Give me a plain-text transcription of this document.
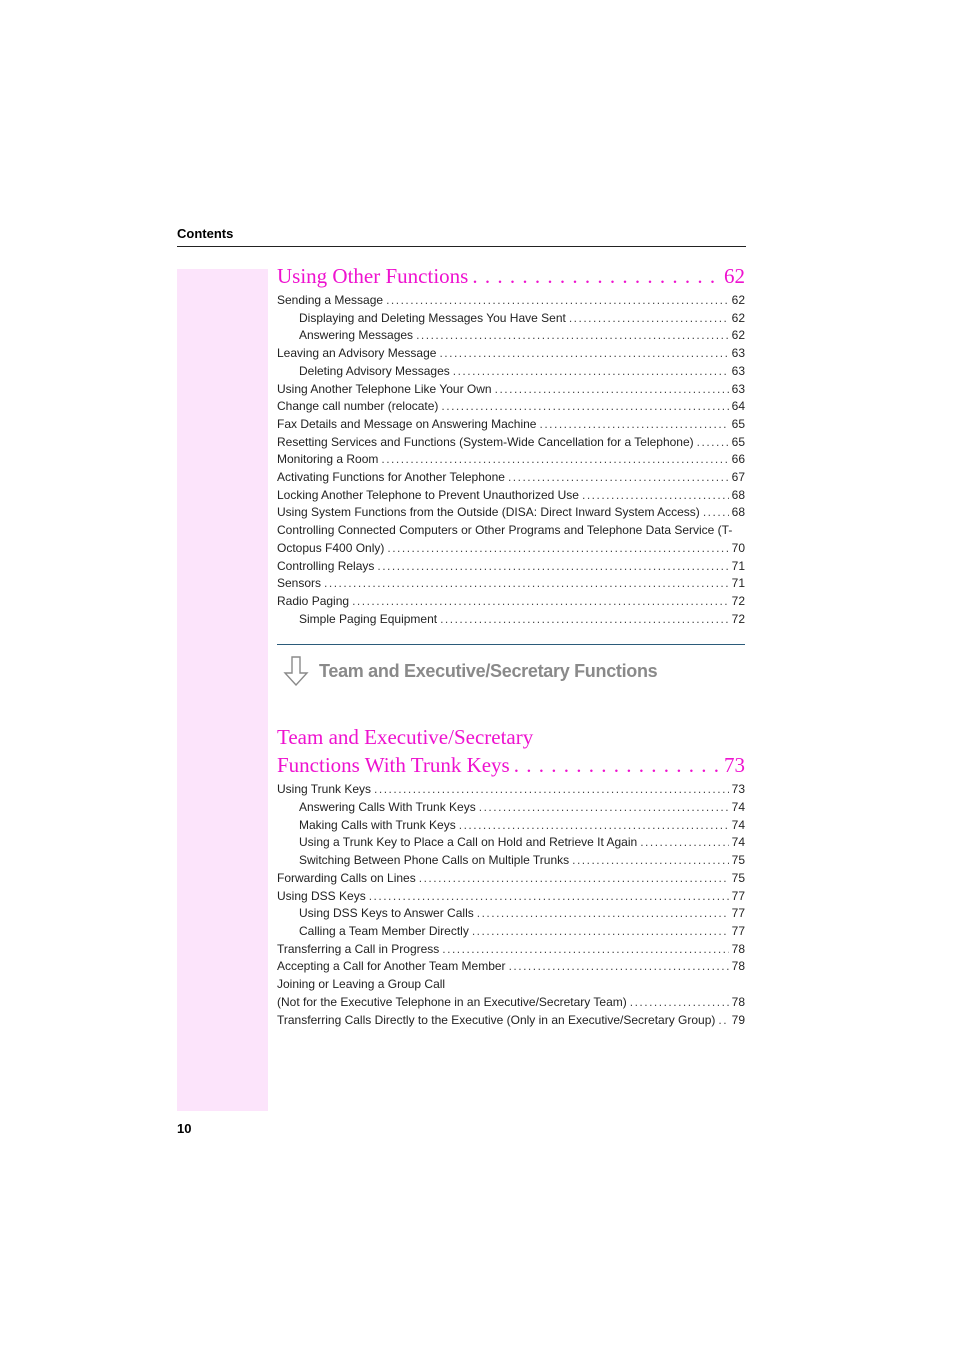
Contents
Using Other Functions . . .	62
Sending a Message .....	62
Displaying and Deleting Messages You Have Sent .....	62
Answering Messages .....	62
Leaving an Advisory Message .....	63
Deleting Advisory Messages .....	63
Using Another Telephone Like Your Own .....	63
Change call number (relocate) .....	64
Fax Details and Message on Answering Machine .....	65
Resetting Services and Functions (System-Wide Cancellation for a Telephone) .....	65
Monitoring a Room .....	66
Activating Functions for Another Telephone .....	67
Locking Another Telephone to Prevent Unauthorized Use .....	68
Using System Functions from the Outside (DISA: Direct Inward System Access) .....	68
Controlling Connected Computers or Other Programs and Telephone Data Service (T-
Octopus F400 Only) .....	70
Controlling Relays .....	71
Sensors .....	71
Radio Paging .....	72
Simple Paging Equipment .....	72
Team and Executive/Secretary Functions
Team and Executive/Secretary
Functions With Trunk Keys . . .	73
Using Trunk Keys .....	73
Answering Calls With Trunk Keys .....	74
Making Calls with Trunk Keys .....	74
Using a Trunk Key to Place a Call on Hold and Retrieve It Again .....	74
Switching Between Phone Calls on Multiple Trunks .....	75
Forwarding Calls on Lines .....	75
Using DSS Keys .....	77
Using DSS Keys to Answer Calls .....	77
Calling a Team Member Directly .....	77
Transferring a Call in Progress .....	78
Accepting a Call for Another Team Member .....	78
Joining or Leaving a Group Call
(Not for the Executive Telephone in an Executive/Secretary Team) .....	78
Transferring Calls Directly to the Executive (Only in an Executive/Secretary Group) ..... 79
10
